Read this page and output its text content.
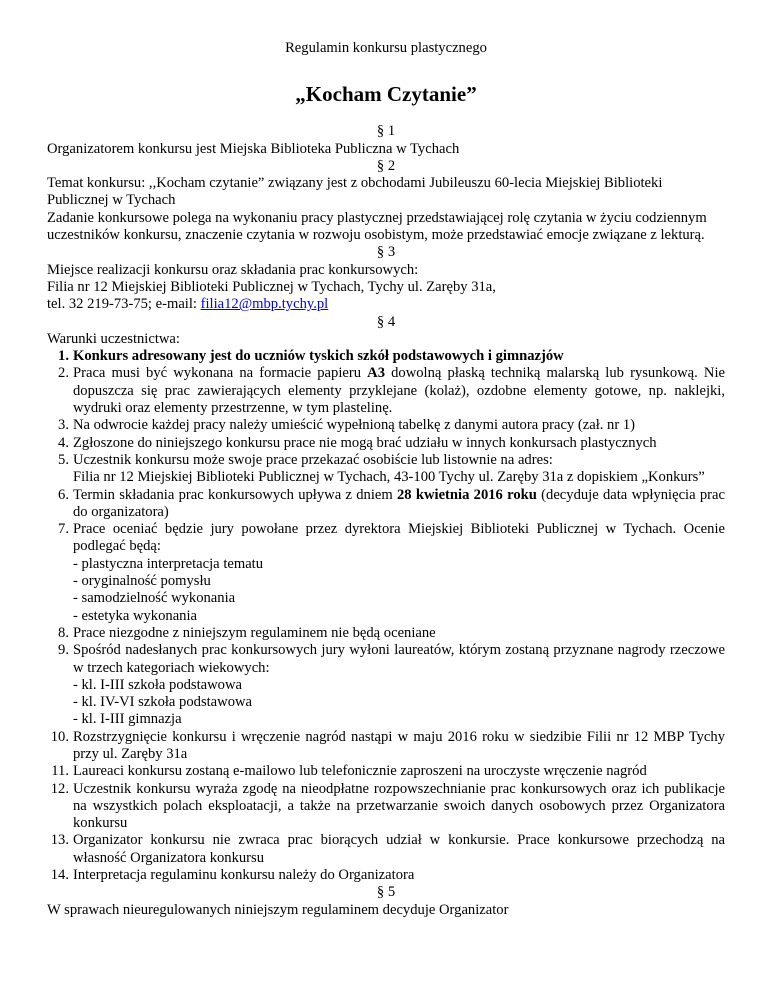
Regulamin konkursu plastycznego

„Kocham Czytanie”

§ 1

Organizatorem konkursu jest Miejska Biblioteka Publiczna w Tychach

§ 2

Temat konkursu: ,,Kocham czytanie” związany jest z obchodami Jubileuszu 60-lecia Miejskiej Biblioteki Publicznej w Tychach

Zadanie konkursowe polega na wykonaniu pracy plastycznej przedstawiającej rolę czytania w życiu codziennym uczestników konkursu, znaczenie czytania w rozwoju osobistym, może przedstawiać emocje związane z lekturą.

§ 3

Miejsce realizacji konkursu oraz składania prac konkursowych:

Filia nr 12 Miejskiej Biblioteki Publicznej w Tychach, Tychy ul. Zaręby 31a,

tel. 32 219-73-75; e-mail: filia12@mbp.tychy.pl

§ 4

Warunki uczestnictwa:

1. Konkurs adresowany jest do uczniów tyskich szkół podstawowych i gimnazjów
2. Praca musi być wykonana na formacie papieru A3 dowolną płaską techniką malarską lub rysunkową. Nie dopuszcza się prac zawierających elementy przyklejane (kolaż), ozdobne elementy gotowe, np. naklejki, wydruki oraz elementy przestrzenne, w tym plastelinę.
3. Na odwrocie każdej pracy należy umieścić wypełnioną tabelkę z danymi autora pracy (zał. nr 1)
4. Zgłoszone do niniejszego konkursu prace nie mogą brać udziału w innych konkursach plastycznych
5. Uczestnik konkursu może swoje prace przekazać osobiście lub listownie na adres:
Filia nr 12 Miejskiej Biblioteki Publicznej w Tychach, 43-100 Tychy ul. Zaręby 31a z dopiskiem „Konkurs”
6. Termin składania prac konkursowych upływa z dniem 28 kwietnia 2016 roku (decyduje data wpłynięcia prac do organizatora)
7. Prace oceniać będzie jury powołane przez dyrektora Miejskiej Biblioteki Publicznej w Tychach. Ocenie podlegać będą:
- plastyczna interpretacja tematu
- oryginalność pomysłu
- samodzielność wykonania
- estetyka wykonania
8. Prace niezgodne z niniejszym regulaminem nie będą oceniane
9. Spośród nadesłanych prac konkursowych jury wyłoni laureatów, którym zostaną przyznane nagrody rzeczowe w trzech kategoriach wiekowych:
- kl. I-III szkoła podstawowa
- kl. IV-VI szkoła podstawowa
- kl. I-III gimnazja
10. Rozstrzygnięcie konkursu i wręczenie nagród nastąpi w maju 2016 roku w siedzibie Filii nr 12 MBP Tychy przy ul. Zaręby 31a
11. Laureaci konkursu zostaną e-mailowo lub telefonicznie zaproszeni na uroczyste wręczenie nagród
12. Uczestnik konkursu wyraża zgodę na nieodpłatne rozpowszechnianie prac konkursowych oraz ich publikacje na wszystkich polach eksploatacji, a także na przetwarzanie swoich danych osobowych przez Organizatora konkursu
13. Organizator konkursu nie zwraca prac biorących udział w konkursie. Prace konkursowe przechodzą na własność Organizatora konkursu
14. Interpretacja regulaminu konkursu należy do Organizatora

§ 5

W sprawach nieuregulowanych niniejszym regulaminem decyduje Organizator
